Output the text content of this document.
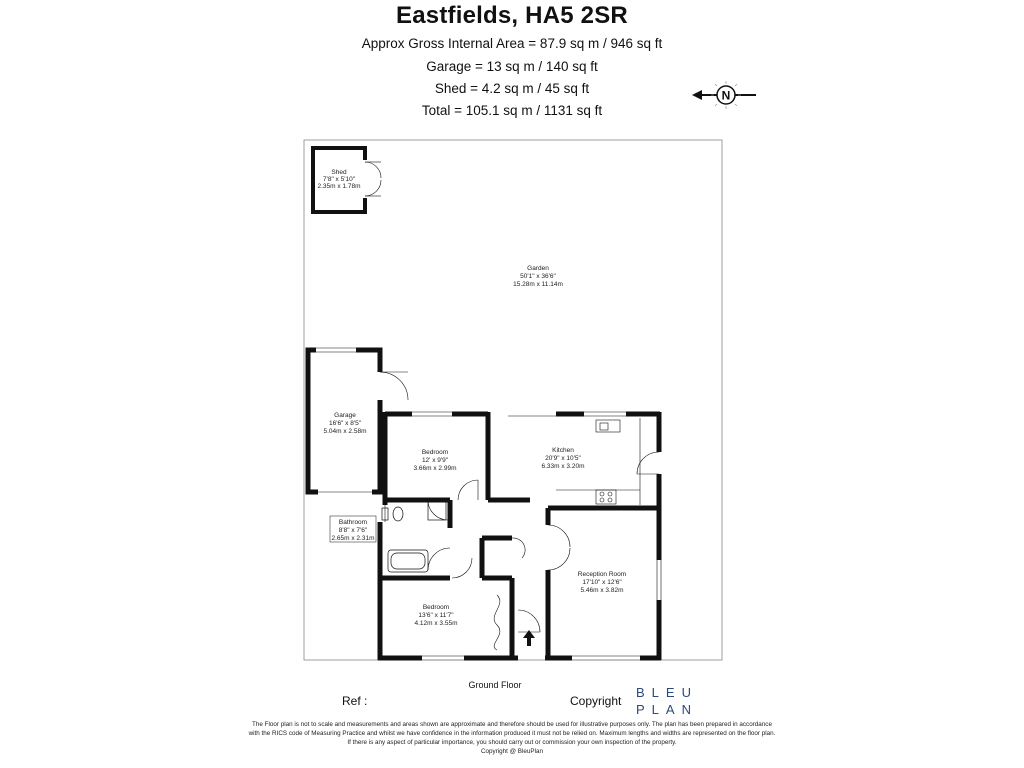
Eastfields, HA5 2SR
Approx Gross Internal Area = 87.9 sq m / 946 sq ft
Garage = 13 sq m / 140 sq ft
Shed = 4.2 sq m / 45 sq ft
Total = 105.1 sq m / 1131 sq ft
N
Shed
7'8" x 5'10"
2.35m x 1.78m
Garden
50'1" x 36'6"
15.28m x 11.14m
Garage
16'6" x 8'5"
5.04m x 2.58m
Bedroom
12' x 9'9"
3.66m x 2.99m
Kitchen
20'9" x 10'5"
6.33m x 3.20m
Bathroom
8'8" x 7'6"
2.65m x 2.31m
Reception Room
17'10" x 12'6"
5.46m x 3.82m
Bedroom
13'6" x 11'7"
4.12m x 3.55m
Ground Floor
Ref :	Copyright
BLEU
PLAN
The Floor plan is not to scale and measurements and areas shown are approximate and therefore should be used for illustrative purposes only. The plan has been prepared in accordance
with the RICS code of Measuring Practice and whilst we have confidence in the information produced it must not be relied on. Maximum lengths and widths are represented on the floor plan.
If there is any aspect of particular importance, you should carry out or commission your own inspection of the property.
Copyright @ BleuPlan
